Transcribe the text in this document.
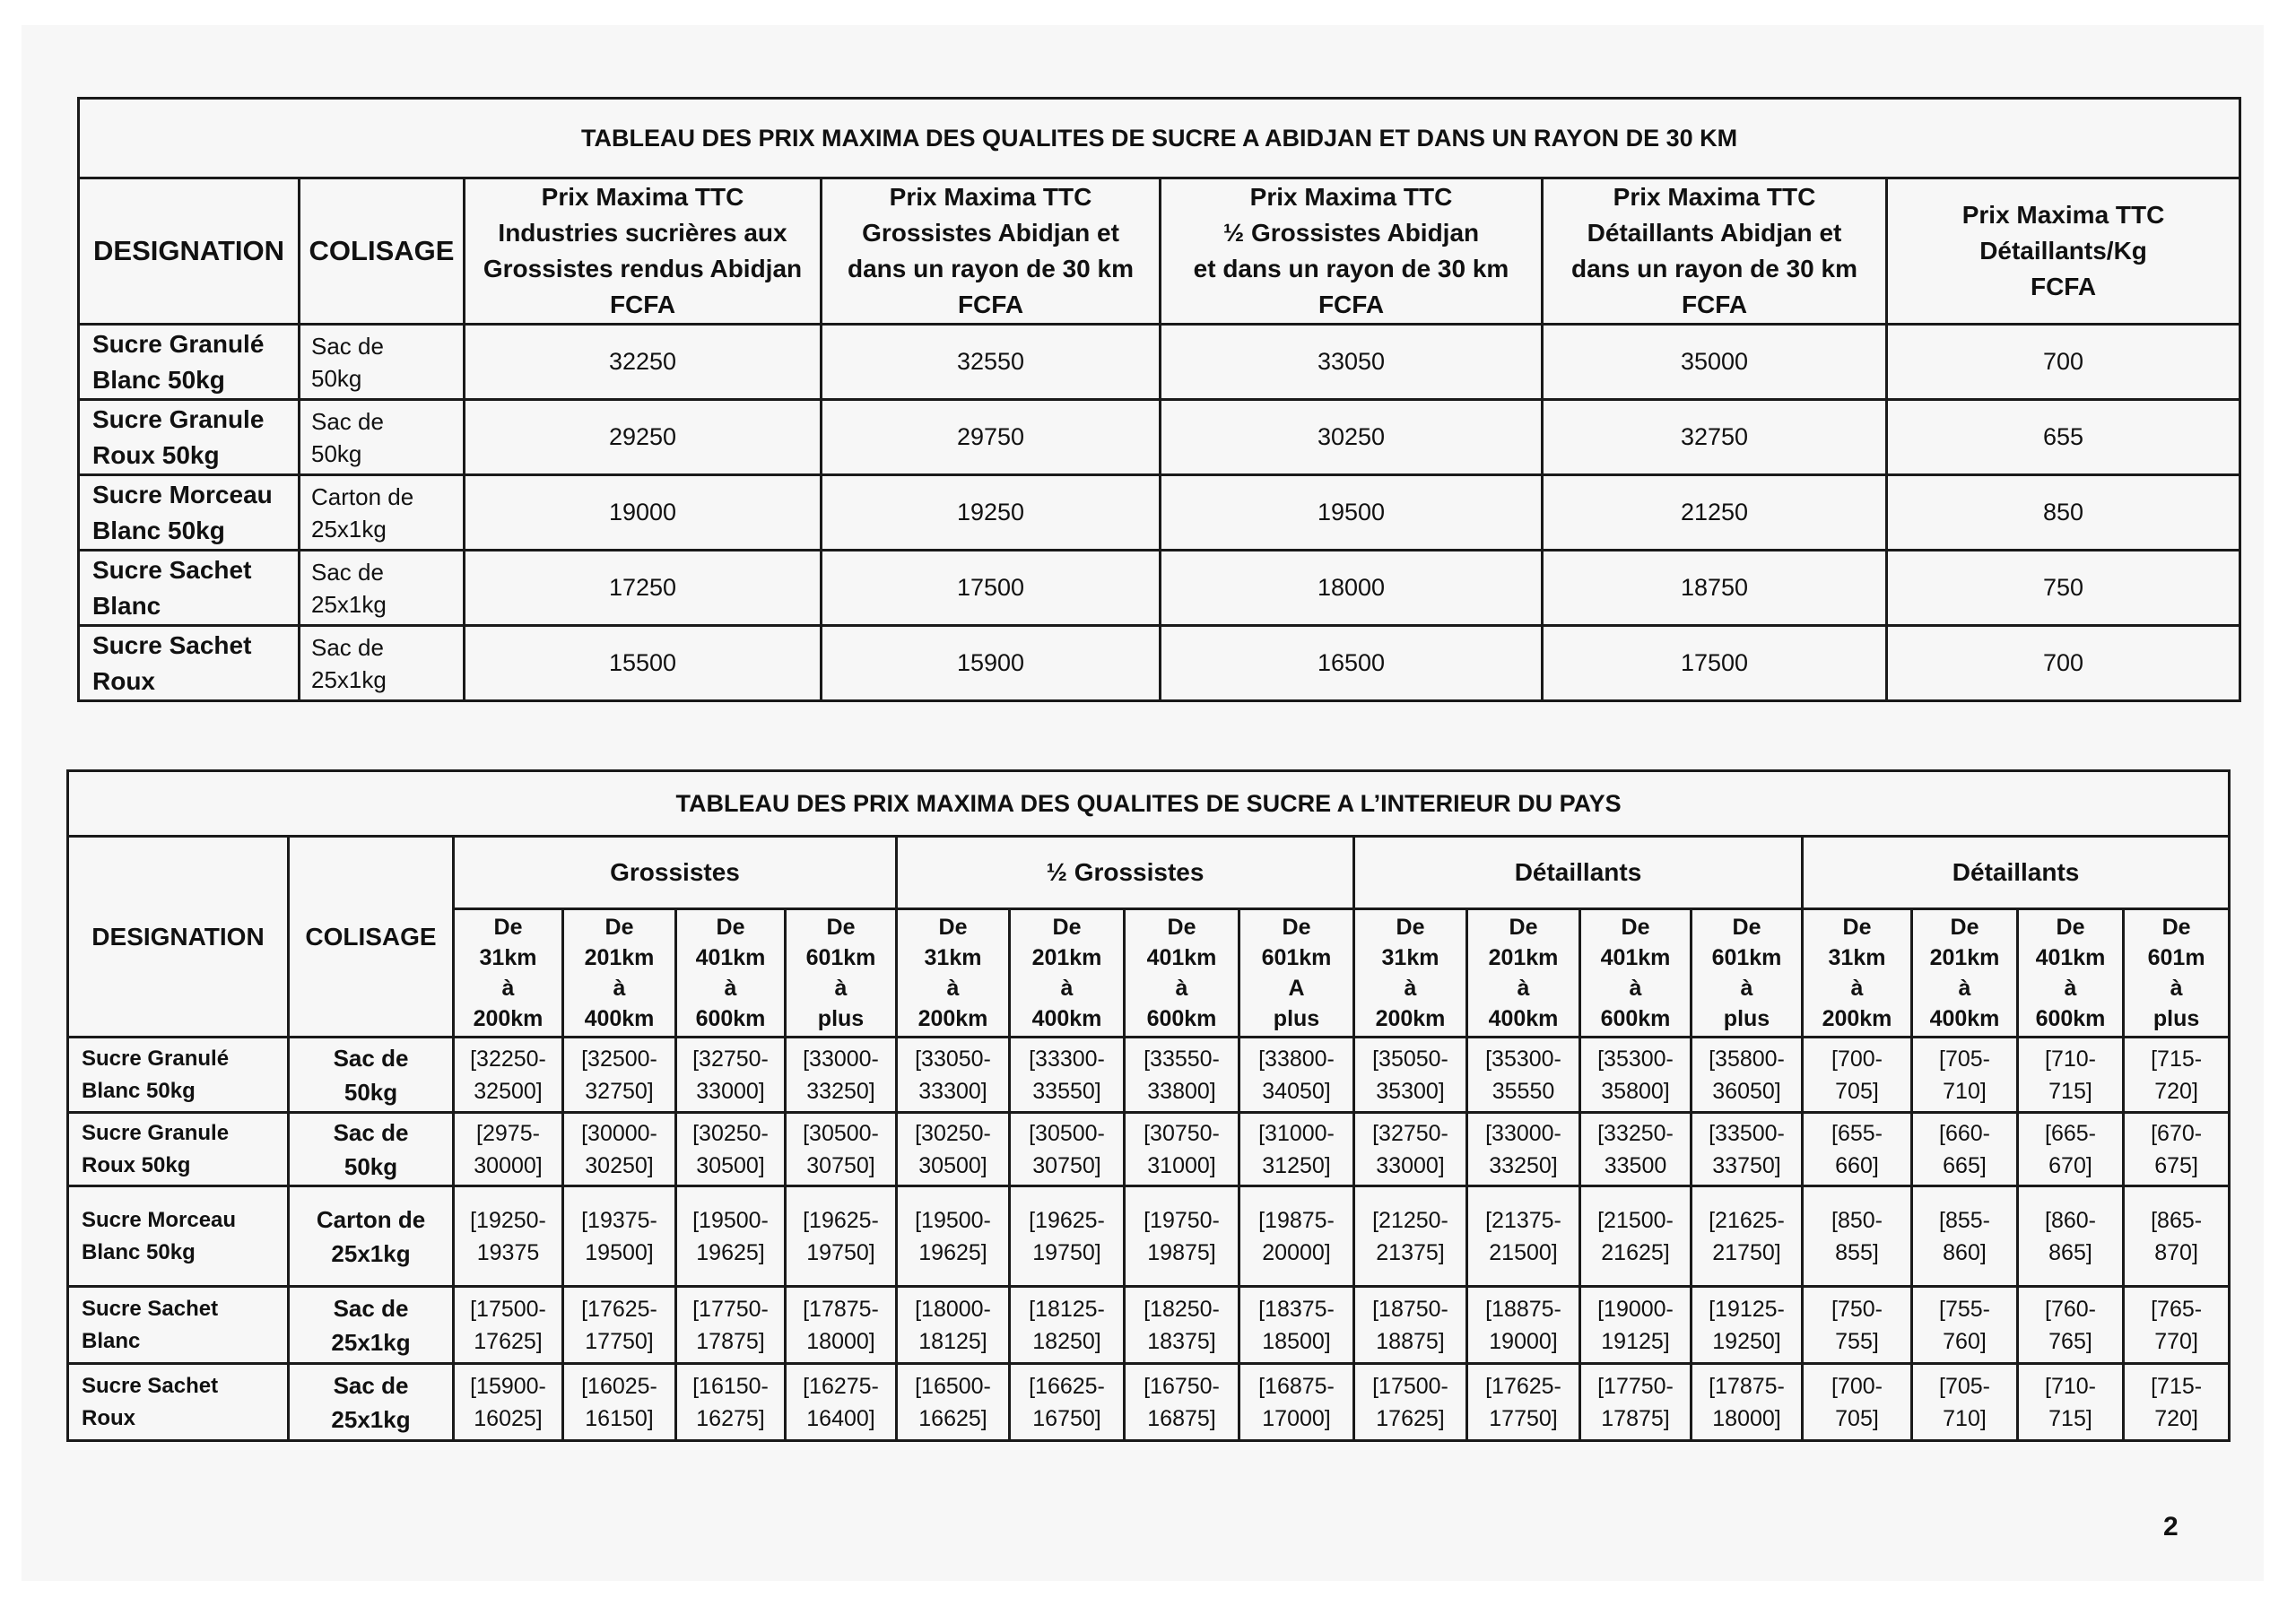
TABLEAU DES PRIX MAXIMA DES QUALITES DE SUCRE A ABIDJAN ET DANS UN RAYON DE 30 KM						
DESIGNATION	COLISAGE	Prix Maxima TTC
Industries sucrières aux
Grossistes rendus Abidjan
FCFA	Prix Maxima TTC
Grossistes Abidjan et
dans un rayon de 30 km
FCFA	Prix Maxima TTC
½ Grossistes Abidjan
et dans un rayon de 30 km
FCFA	Prix Maxima TTC
Détaillants Abidjan et
dans un rayon de 30 km
FCFA	Prix Maxima TTC
Détaillants/Kg
FCFA

Sucre Granulé
Blanc 50kg	Sac de
50kg	32250	32550	33050	35000	700

Sucre Granule
Roux 50kg	Sac de
50kg	29250	29750	30250	32750	655

Sucre Morceau
Blanc 50kg	Carton de
25x1kg	19000	19250	19500	21250	850

Sucre Sachet
Blanc	Sac de
25x1kg	17250	17500	18000	18750	750

Sucre Sachet
Roux	Sac de
25x1kg	15500	15900	16500	17500	700
TABLEAU DES PRIX MAXIMA DES QUALITES DE SUCRE A L’INTERIEUR DU PAYS																	
DESIGNATION	COLISAGE	Grossistes				½ Grossistes				Détaillants				Détaillants			

		De
31km
à
200km	De
201km
à
400km	De
401km
à
600km	De
601km
à
plus	De
31km
à
200km	De
201km
à
400km	De
401km
à
600km	De
601km
A
plus	De
31km
à
200km	De
201km
à
400km	De
401km
à
600km	De
601km
à
plus	De
31km
à
200km	De
201km
à
400km	De
401km
à
600km	De
601m
à
plus

Sucre Granulé
Blanc 50kg	Sac de
50kg	[32250-
32500]	[32500-
32750]	[32750-
33000]	[33000-
33250]	[33050-
33300]	[33300-
33550]	[33550-
33800]	[33800-
34050]	[35050-
35300]	[35300-
35550	[35300-
35800]	[35800-
36050]	[700-
705]	[705-
710]	[710-
715]	[715-
720]

Sucre Granule
Roux 50kg	Sac de
50kg	[2975-
30000]	[30000-
30250]	[30250-
30500]	[30500-
30750]	[30250-
30500]	[30500-
30750]	[30750-
31000]	[31000-
31250]	[32750-
33000]	[33000-
33250]	[33250-
33500	[33500-
33750]	[655-
660]	[660-
665]	[665-
670]	[670-
675]

Sucre Morceau
Blanc 50kg	Carton de
25x1kg	[19250-
19375	[19375-
19500]	[19500-
19625]	[19625-
19750]	[19500-
19625]	[19625-
19750]	[19750-
19875]	[19875-
20000]	[21250-
21375]	[21375-
21500]	[21500-
21625]	[21625-
21750]	[850-
855]	[855-
860]	[860-
865]	[865-
870]

Sucre Sachet
Blanc	Sac de
25x1kg	[17500-
17625]	[17625-
17750]	[17750-
17875]	[17875-
18000]	[18000-
18125]	[18125-
18250]	[18250-
18375]	[18375-
18500]	[18750-
18875]	[18875-
19000]	[19000-
19125]	[19125-
19250]	[750-
755]	[755-
760]	[760-
765]	[765-
770]

Sucre Sachet
Roux	Sac de
25x1kg	[15900-
16025]	[16025-
16150]	[16150-
16275]	[16275-
16400]	[16500-
16625]	[16625-
16750]	[16750-
16875]	[16875-
17000]	[17500-
17625]	[17625-
17750]	[17750-
17875]	[17875-
18000]	[700-
705]	[705-
710]	[710-
715]	[715-
720]
2
